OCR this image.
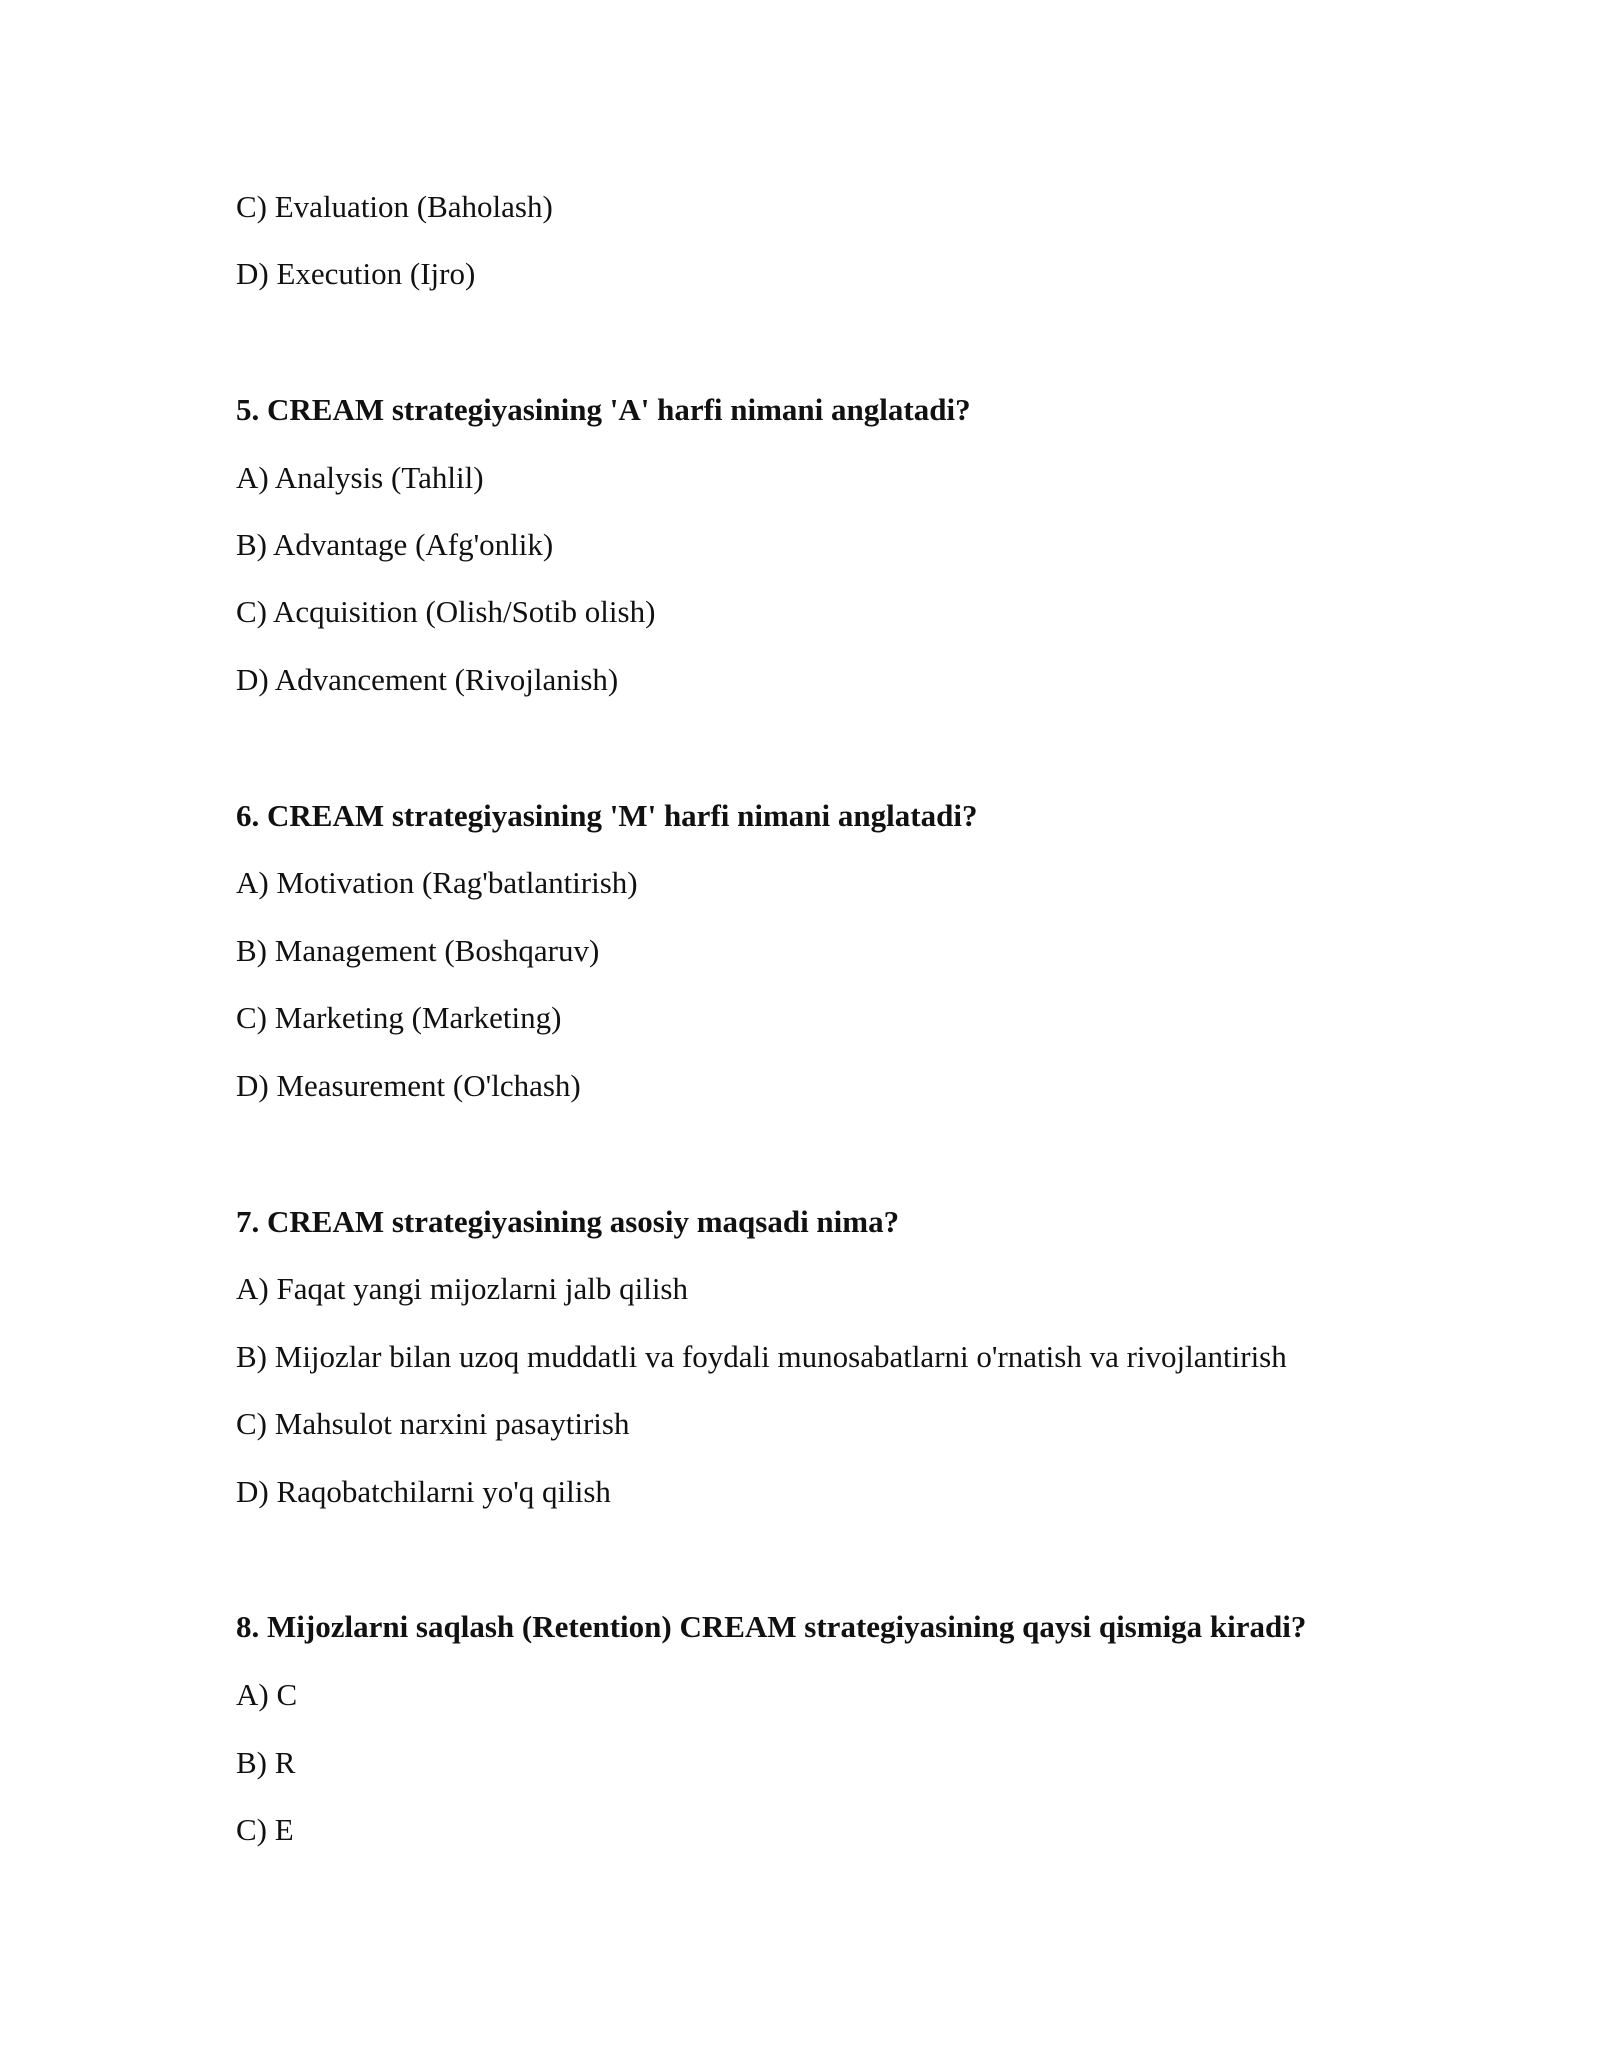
C) Evaluation (Baholash)
D) Execution (Ijro)
5. CREAM strategiyasining 'A' harfi nimani anglatadi?
A) Analysis (Tahlil)
B) Advantage (Afg'onlik)
C) Acquisition (Olish/Sotib olish)
D) Advancement (Rivojlanish)
6. CREAM strategiyasining 'M' harfi nimani anglatadi?
A) Motivation (Rag'batlantirish)
B) Management (Boshqaruv)
C) Marketing (Marketing)
D) Measurement (O'lchash)
7. CREAM strategiyasining asosiy maqsadi nima?
A) Faqat yangi mijozlarni jalb qilish
B) Mijozlar bilan uzoq muddatli va foydali munosabatlarni o'rnatish va rivojlantirish
C) Mahsulot narxini pasaytirish
D) Raqobatchilarni yo'q qilish
8. Mijozlarni saqlash (Retention) CREAM strategiyasining qaysi qismiga kiradi?
A) C
B) R
C) E
